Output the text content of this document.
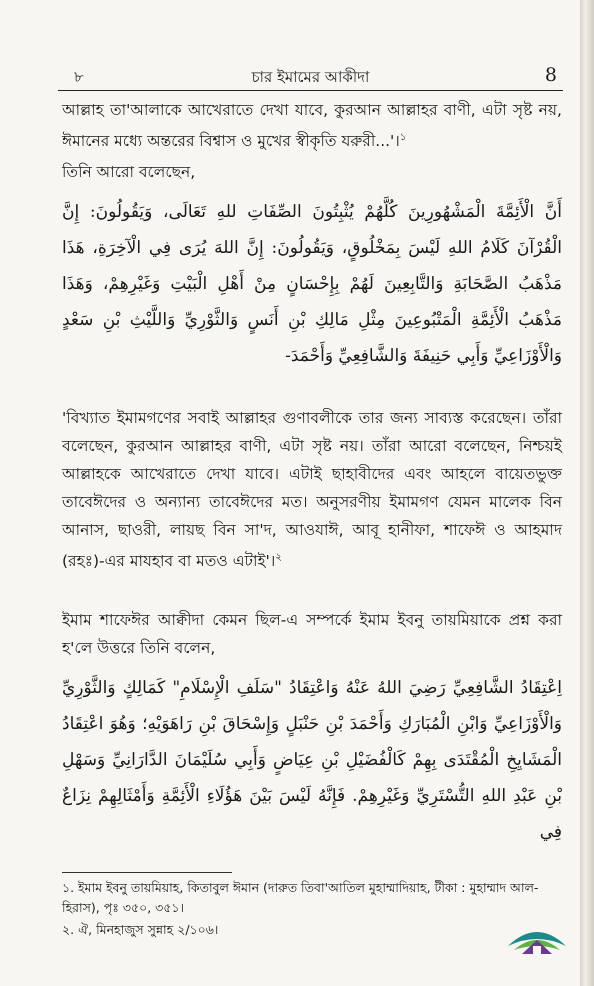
৮	চার ইমামের আকীদা	8
আল্লাহ তা'আলাকে আখেরাতে দেখা যাবে, কুরআন আল্লাহর বাণী, এটা সৃষ্ট নয়, ঈমানের মধ্যে অন্তরের বিশ্বাস ও মুখের স্বীকৃতি যরুরী...'।$^১$
তিনি আরো বলেছেন,
أَنَّ الْأَئِمَّةَ الْمَشْهُورِينَ كُلَّهُمْ يُثْبِتُونَ الصِّفَاتِ للهِ تَعَالَى، وَيَقُولُونَ: إِنَّ الْقُرْآنَ كَلَامُ اللهِ لَيْسَ بِمَخْلُوقٍ، وَيَقُولُونَ: إِنَّ اللهَ يُرَى فِي الْآخِرَةِ، هَذَا مَذْهَبُ الصَّحَابَةِ وَالتَّابِعِينَ لَهُمْ بِإِحْسَانٍ مِنْ أَهْلِ الْبَيْتِ وَغَيْرِهِمْ، وَهَذَا مَذْهَبُ الْأَئِمَّةِ الْمَتْبُوعِينَ مِثْلِ مَالِكِ بْنِ أَنَسٍ وَالثَّوْرِيِّ وَاللَّيْثِ بْنِ سَعْدٍ وَالْأَوْزَاعِيِّ وَأَبِي حَنِيفَةَ وَالشَّافِعِيِّ وَأَحْمَدَ-
'বিখ্যাত ইমামগণের সবাই আল্লাহর গুণাবলীকে তার জন্য সাব্যস্ত করেছেন। তাঁরা বলেছেন, কুরআন আল্লাহর বাণী, এটা সৃষ্ট নয়। তাঁরা আরো বলেছেন, নিশ্চয়ই আল্লাহকে আখেরাতে দেখা যাবে। এটাই ছাহাবীদের এবং আহলে বায়েতভুক্ত তাবেঈদের ও অন্যান্য তাবেঈদের মত। অনুসরণীয় ইমামগণ যেমন মালেক বিন আনাস, ছাওরী, লায়ছ বিন সা'দ, আওযাঈ, আবূ হানীফা, শাফেঈ ও আহমাদ (রহঃ)-এর মাযহাব বা মতও এটাই'।$^২$
ইমাম শাফেঈর আক্বীদা কেমন ছিল-এ সম্পর্কে ইমাম ইবনু তায়মিয়াকে প্রশ্ন করা হ'লে উত্তরে তিনি বলেন,
اِعْتِقَادُ الشَّافِعِيِّ رَضِيَ اللهُ عَنْهُ وَاعْتِقَادُ "سَلَفِ الْإِسْلَامِ" كَمَالِكٍ وَالثَّوْرِيِّ وَالْأَوْزَاعِيِّ وَابْنِ الْمُبَارَكِ وَأَحْمَدَ بْنِ حَنْبَلٍ وَإِسْحَاقَ بْنِ رَاهَوَيْهِ؛ وَهُوَ اعْتِقَادُ الْمَشَايِخِ الْمُقْتَدَى بِهِمْ كَالْفُضَيْلِ بْنِ عِيَاضٍ وَأَبِي سُلَيْمَانَ الدَّارَانِيِّ وَسَهْلِ بْنِ عَبْدِ اللهِ التُّسْتَرِيِّ وَغَيْرِهِمْ. فَإِنَّهُ لَيْسَ بَيْنَ هَؤُلَاءِ الْأَئِمَّةِ وَأَمْثَالِهِمْ نِزَاعٌ فِي
১. ইমাম ইবনু তায়মিয়াহ, কিতাবুল ঈমান (দারুত তিবা'আতিল মুহাম্মাদিয়াহ, টীকা : মুহাম্মাদ আল-হিরাস), পৃঃ ৩৫০, ৩৫১।
২. ঐ, মিনহাজুস সুন্নাহ ২/১০৬।
